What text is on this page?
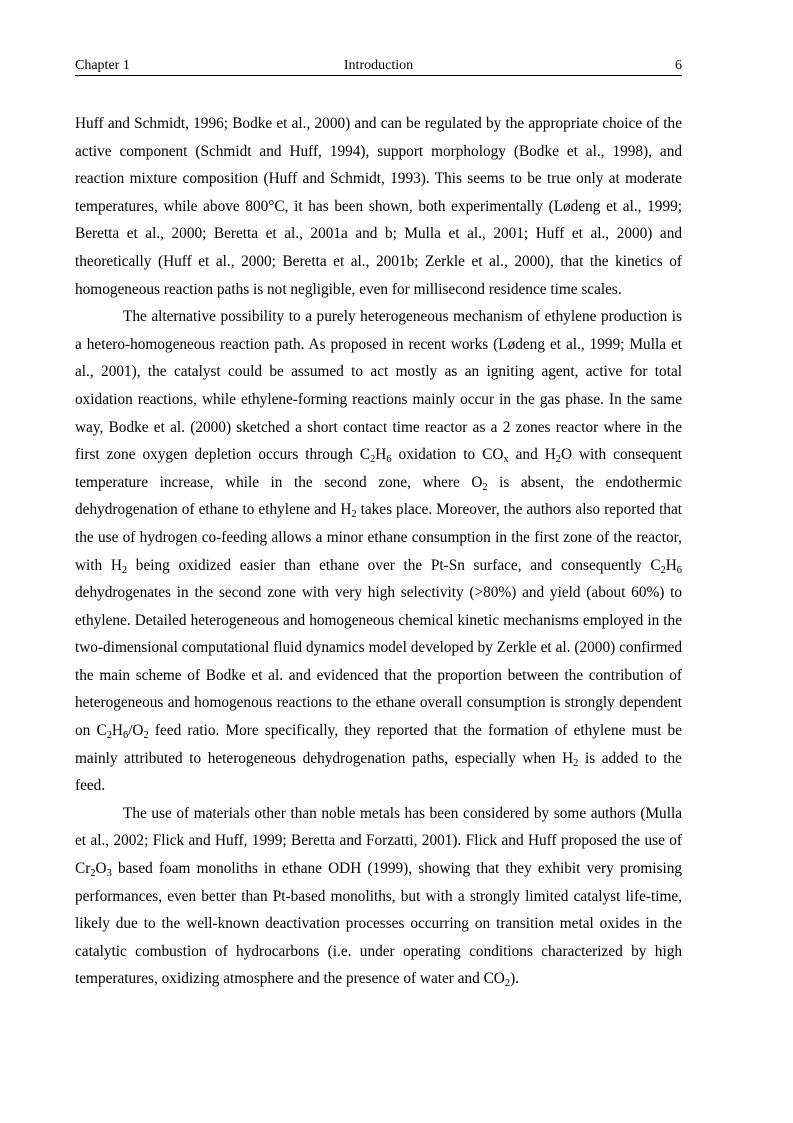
Chapter 1	Introduction	6

Huff and Schmidt, 1996; Bodke et al., 2000) and can be regulated by the appropriate choice of the active component (Schmidt and Huff, 1994), support morphology (Bodke et al., 1998), and reaction mixture composition (Huff and Schmidt, 1993). This seems to be true only at moderate temperatures, while above 800°C, it has been shown, both experimentally (Lødeng et al., 1999; Beretta et al., 2000; Beretta et al., 2001a and b; Mulla et al., 2001; Huff et al., 2000) and theoretically (Huff et al., 2000; Beretta et al., 2001b; Zerkle et al., 2000), that the kinetics of homogeneous reaction paths is not negligible, even for millisecond residence time scales.

The alternative possibility to a purely heterogeneous mechanism of ethylene production is a hetero-homogeneous reaction path. As proposed in recent works (Lødeng et al., 1999; Mulla et al., 2001), the catalyst could be assumed to act mostly as an igniting agent, active for total oxidation reactions, while ethylene-forming reactions mainly occur in the gas phase. In the same way, Bodke et al. (2000) sketched a short contact time reactor as a 2 zones reactor where in the first zone oxygen depletion occurs through $C_2H_6$ oxidation to $CO_x$ and $H_2O$ with consequent temperature increase, while in the second zone, where $O_2$ is absent, the endothermic dehydrogenation of ethane to ethylene and $H_2$ takes place. Moreover, the authors also reported that the use of hydrogen co-feeding allows a minor ethane consumption in the first zone of the reactor, with $H_2$ being oxidized easier than ethane over the Pt-Sn surface, and consequently $C_2H_6$ dehydrogenates in the second zone with very high selectivity (>80%) and yield (about 60%) to ethylene. Detailed heterogeneous and homogeneous chemical kinetic mechanisms employed in the two-dimensional computational fluid dynamics model developed by Zerkle et al. (2000) confirmed the main scheme of Bodke et al. and evidenced that the proportion between the contribution of heterogeneous and homogenous reactions to the ethane overall consumption is strongly dependent on $C_2H_6/O_2$ feed ratio. More specifically, they reported that the formation of ethylene must be mainly attributed to heterogeneous dehydrogenation paths, especially when $H_2$ is added to the feed.

The use of materials other than noble metals has been considered by some authors (Mulla et al., 2002; Flick and Huff, 1999; Beretta and Forzatti, 2001). Flick and Huff proposed the use of $Cr_2O_3$ based foam monoliths in ethane ODH (1999), showing that they exhibit very promising performances, even better than Pt-based monoliths, but with a strongly limited catalyst life-time, likely due to the well-known deactivation processes occurring on transition metal oxides in the catalytic combustion of hydrocarbons (i.e. under operating conditions characterized by high temperatures, oxidizing atmosphere and the presence of water and $CO_2$).
